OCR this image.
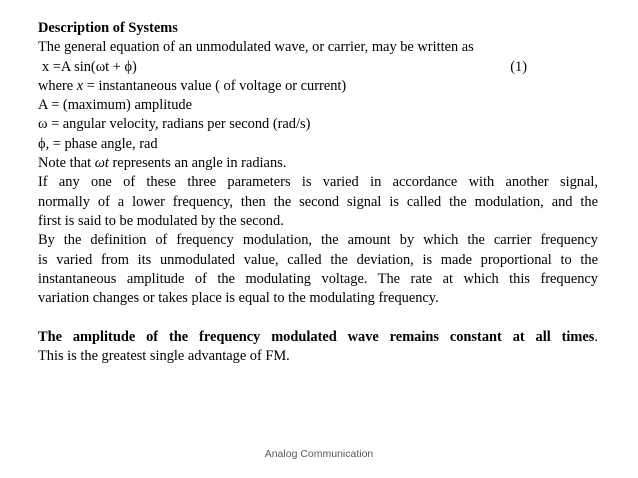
Description of Systems

The general equation of an unmodulated wave, or carrier, may be written as

x =A sin(ωt + ϕ)	(1)

where x = instantaneous value ( of voltage or current)

A = (maximum) amplitude

ω = angular velocity, radians per second (rad/s)

ϕ, = phase angle, rad

Note that ωt represents an angle in radians.

If any one of these three parameters is varied in accordance with another signal,
normally of a lower frequency, then the second signal is called the modulation, and the

first is said to be modulated by the second.

By the definition of frequency modulation, the amount by which the carrier frequency
is varied from its unmodulated value, called the deviation, is made proportional to the
instantaneous amplitude of the modulating voltage. The rate at which this frequency

variation changes or takes place is equal to the modulating frequency.

The amplitude of the frequency modulated wave remains constant at all times.

This is the greatest single advantage of FM.

Analog Communication
